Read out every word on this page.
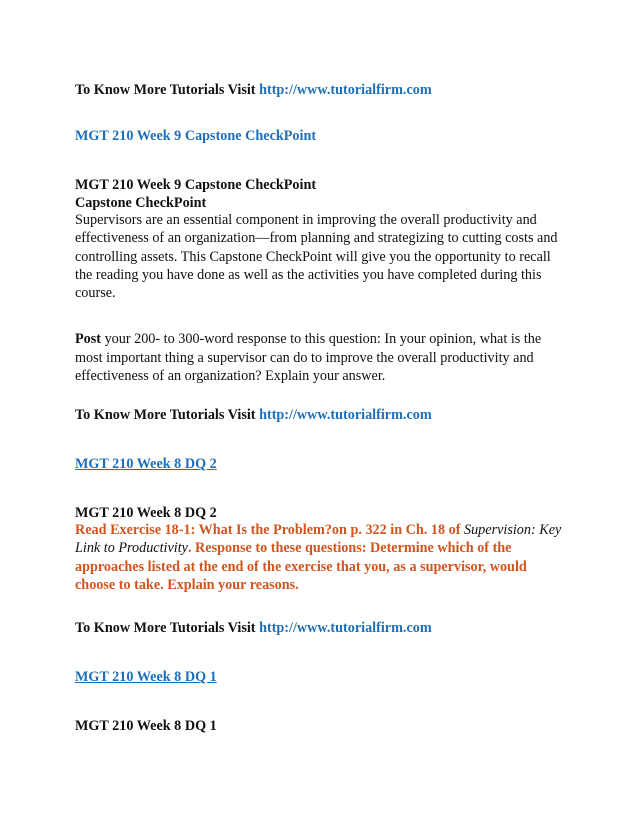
To Know More Tutorials Visit http://www.tutorialfirm.com

MGT 210 Week 9 Capstone CheckPoint

MGT 210 Week 9 Capstone CheckPoint

Capstone CheckPoint

Supervisors are an essential component in improving the overall productivity and effectiveness of an organization—from planning and strategizing to cutting costs and controlling assets. This Capstone CheckPoint will give you the opportunity to recall the reading you have done as well as the activities you have completed during this course.

Post your 200- to 300-word response to this question: In your opinion, what is the most important thing a supervisor can do to improve the overall productivity and effectiveness of an organization? Explain your answer.

To Know More Tutorials Visit http://www.tutorialfirm.com

MGT 210 Week 8 DQ 2

MGT 210 Week 8 DQ 2

Read Exercise 18-1: What Is the Problem?on p. 322 in Ch. 18 of Supervision: Key Link to Productivity. Response to these questions: Determine which of the approaches listed at the end of the exercise that you, as a supervisor, would choose to take. Explain your reasons.

To Know More Tutorials Visit http://www.tutorialfirm.com

MGT 210 Week 8 DQ 1

MGT 210 Week 8 DQ 1
